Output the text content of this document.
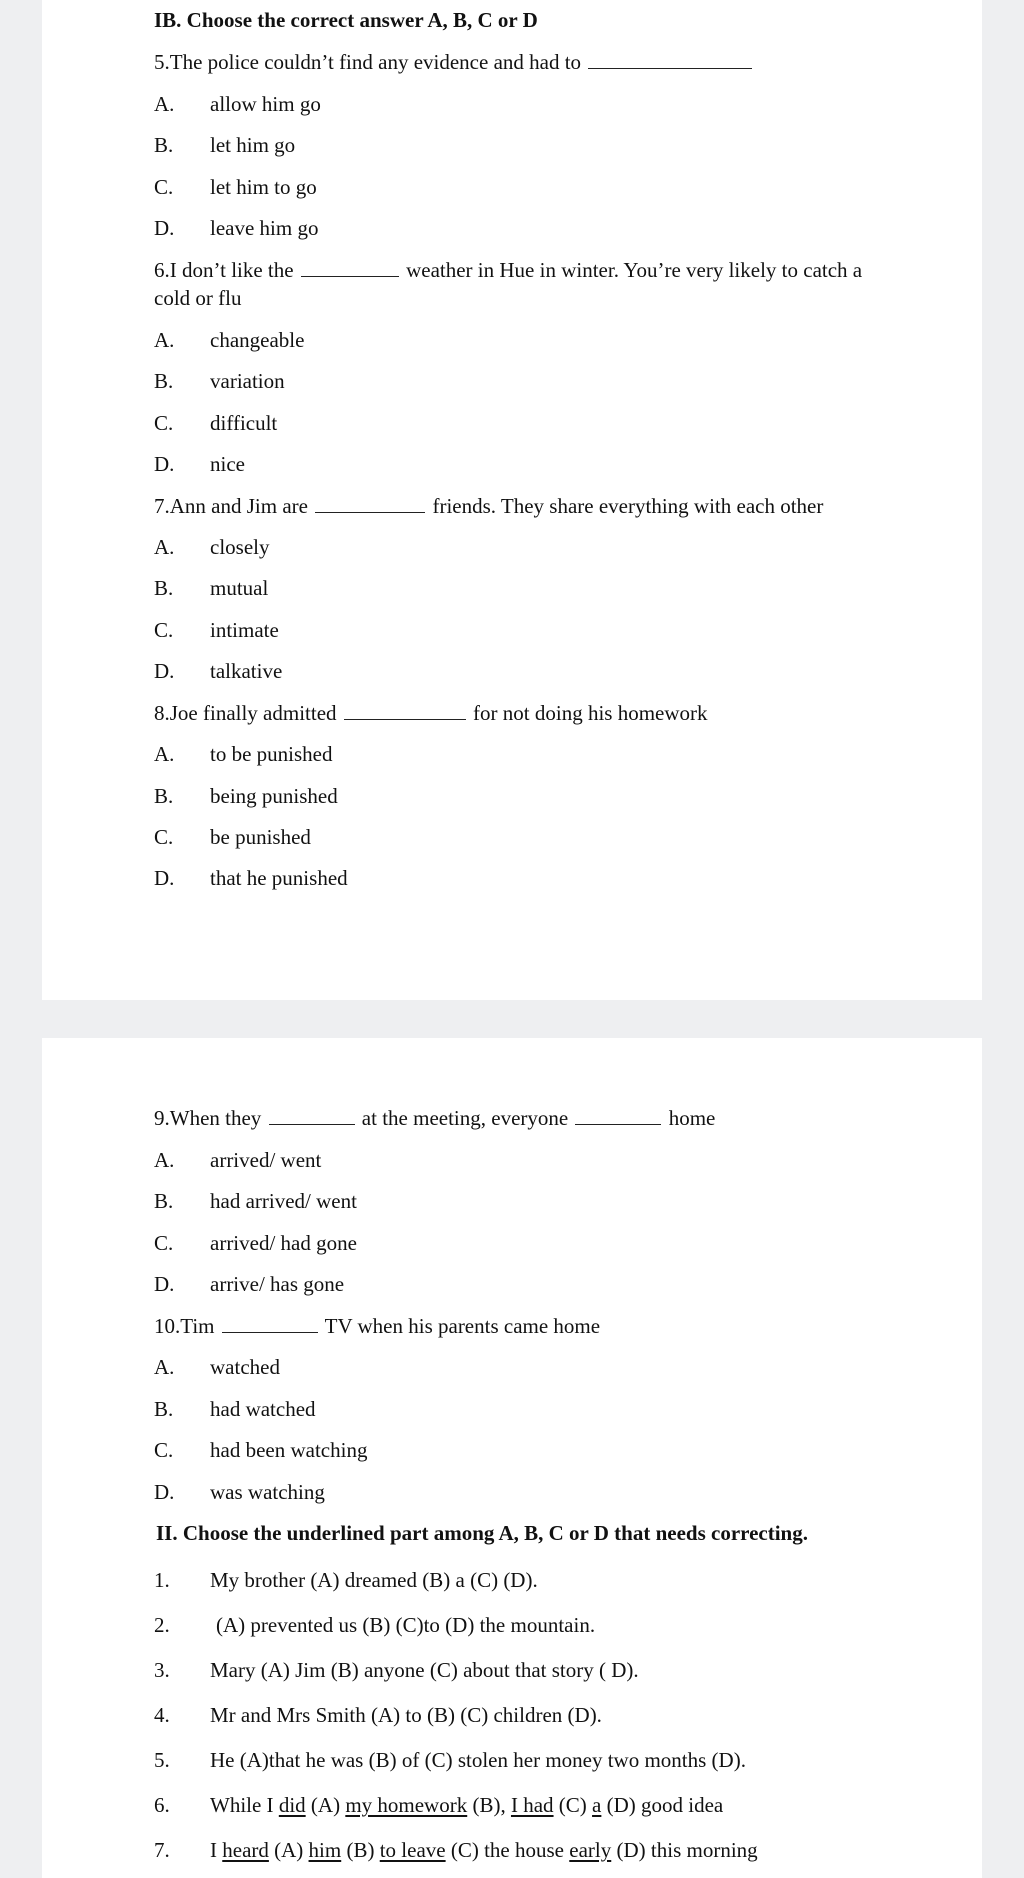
IB. Choose the correct answer A, B, C or D
5.The police couldn’t find any evidence and had to
A. allow him go
B. let him go
C. let him to go
D. leave him go
6.I don’t like the	weather in Hue in winter. You’re very likely to catch a
cold or flu
A. changeable
B. variation
C. difficult
D. nice
7.Ann and Jim are	friends. They share everything with each other
A. closely
B. mutual
C. intimate
D. talkative
8.Joe finally admitted	for not doing his homework
A. to be punished
B. being punished
C. be punished
D. that he punished
9.When they	at the meeting, everyone	home
A. arrived/ went
B. had arrived/ went
C. arrived/ had gone
D. arrive/ has gone
10.Tim	TV when his parents came home
A. watched
B. had watched
C. had been watching
D. was watching
II. Choose the underlined part among A, B, C or D that needs correcting.
1. My brother (A) dreamed (B) a (C) (D).
2. (A) prevented us (B) (C)to (D) the mountain.
3. Mary (A) Jim (B) anyone (C) about that story ( D).
4. Mr and Mrs Smith (A) to (B) (C) children (D).
5. He (A)that he was (B) of (C) stolen her money two months (D).
6. While I did (A) my homework (B), I had (C) a (D) good idea
7. I heard (A) him (B) to leave (C) the house early (D) this morning
